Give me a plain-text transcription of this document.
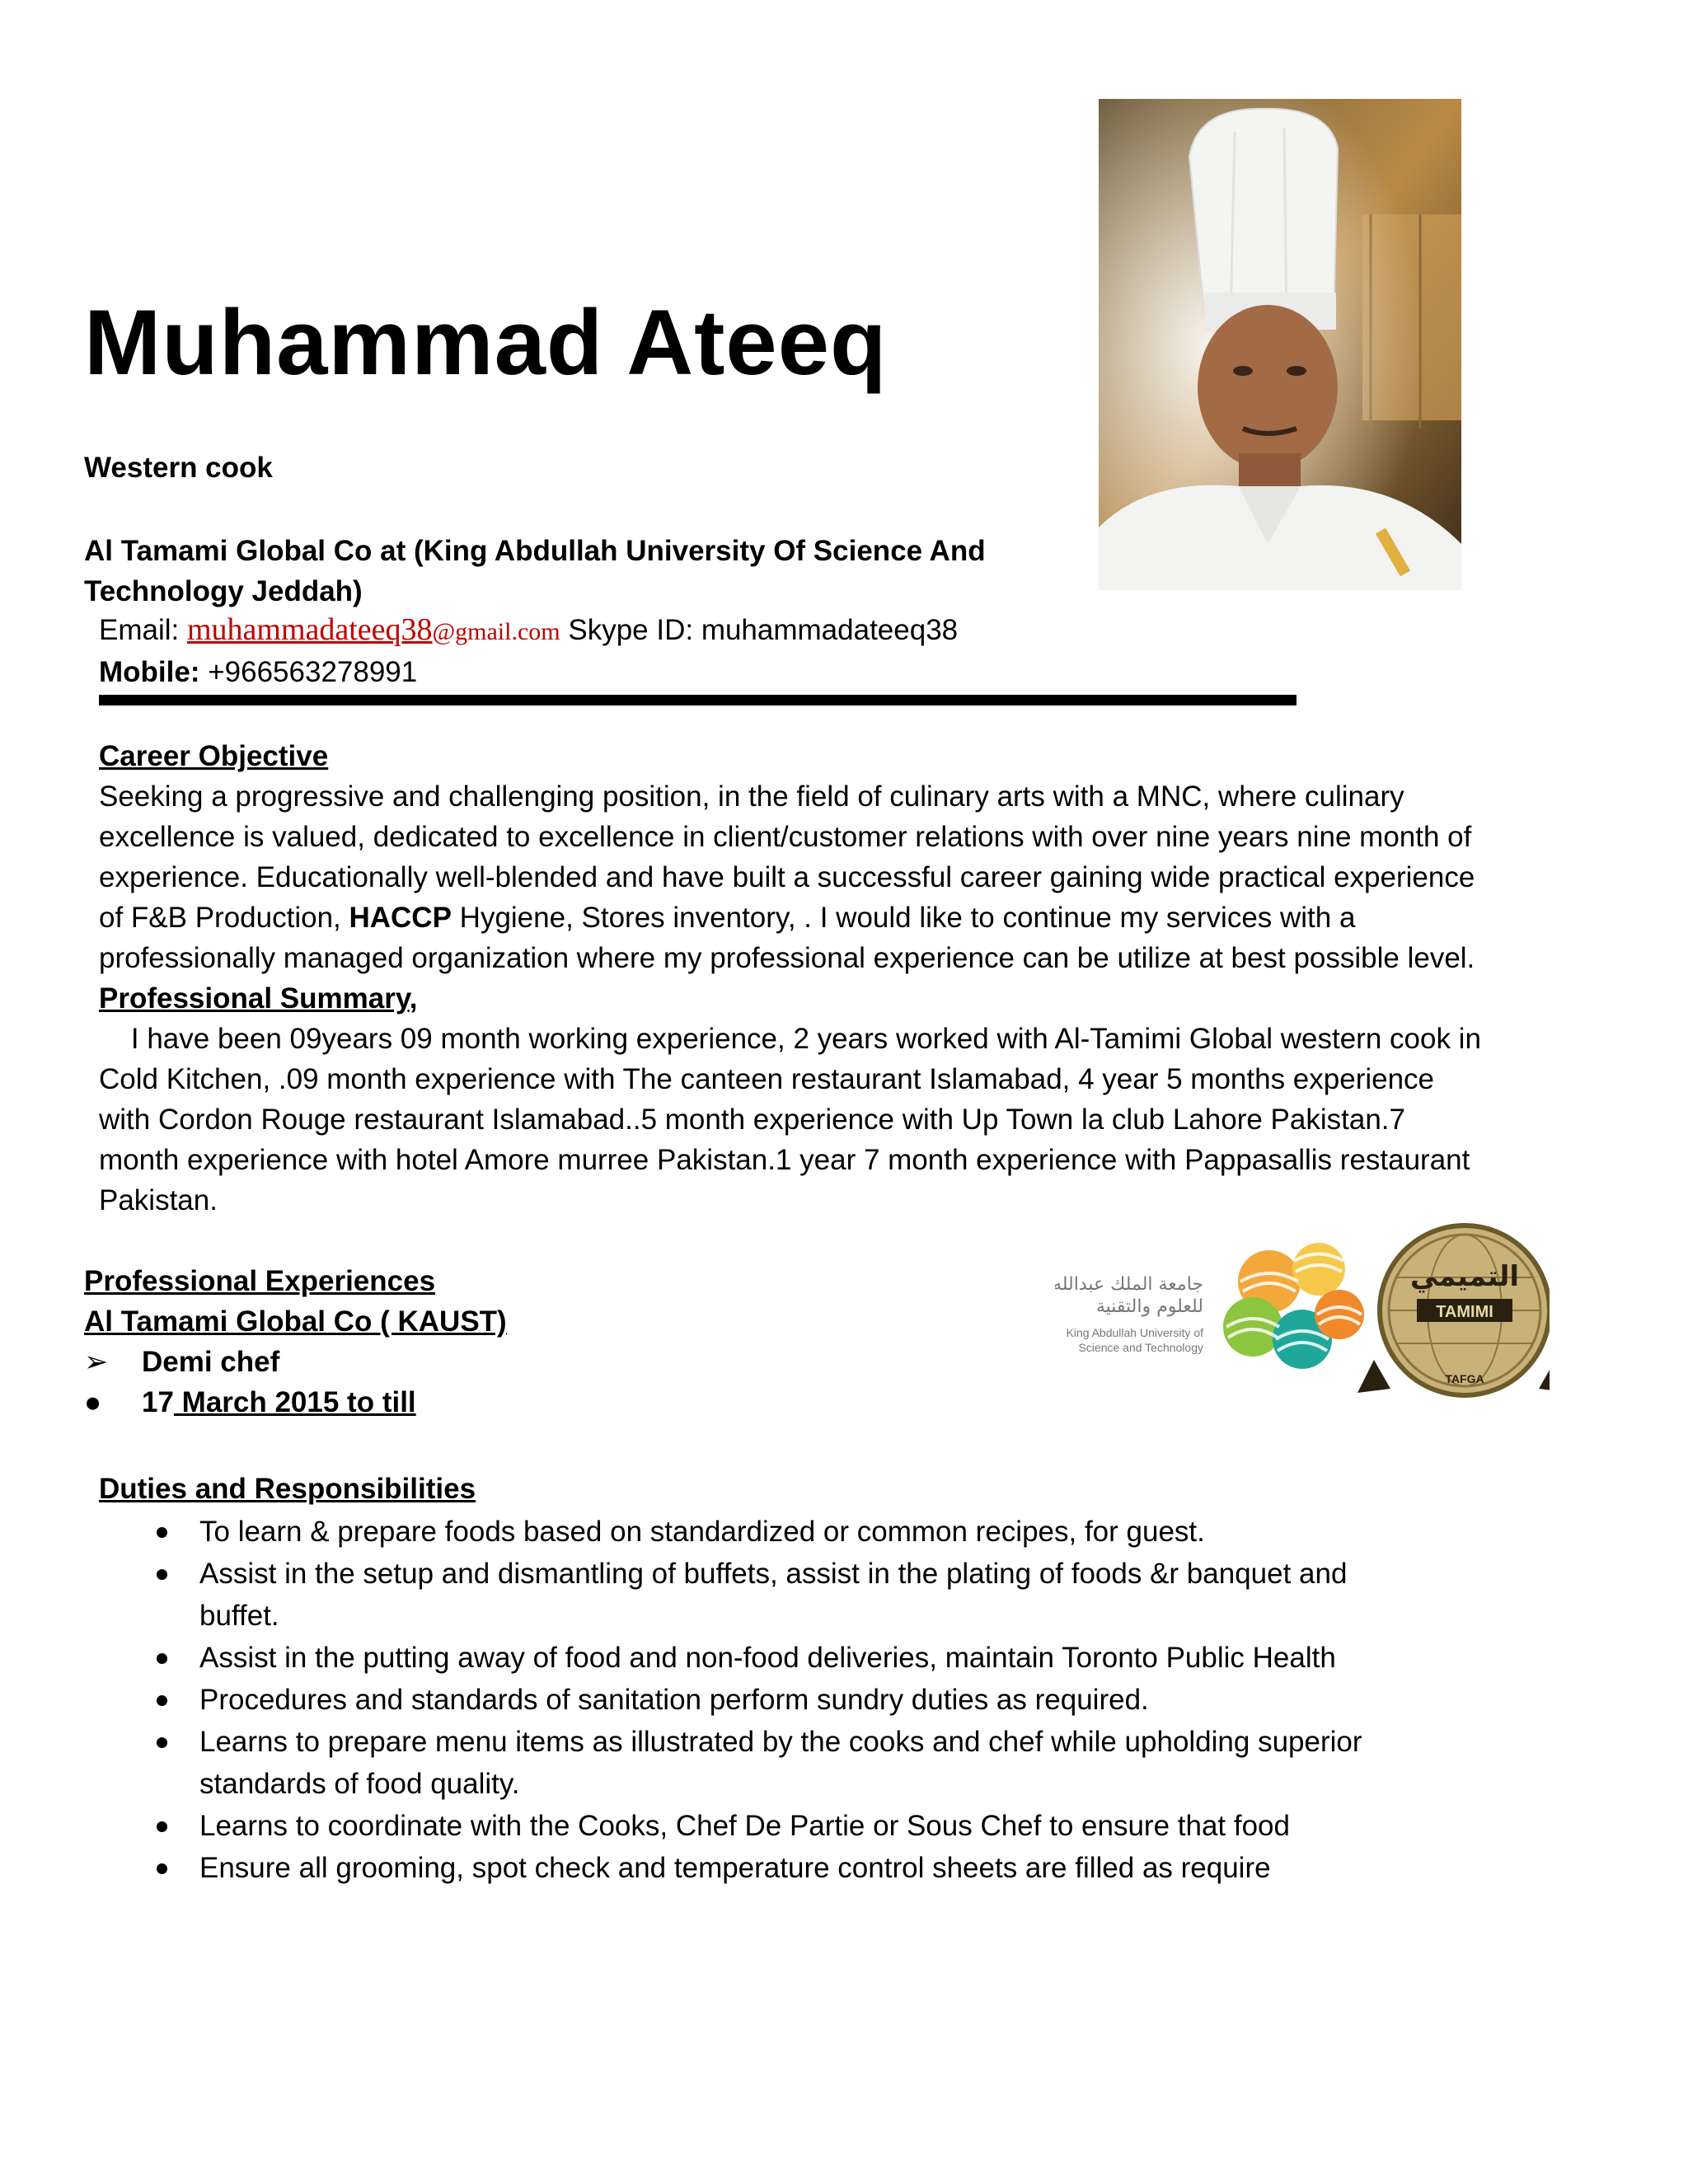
Muhammad Ateeq
Western cook
Al Tamami Global Co at (King Abdullah University Of Science And
Technology Jeddah)
Email: muhammadateeq38@gmail.com Skype ID: muhammadateeq38
Mobile: +966563278991
Career Objective
Seeking a progressive and challenging position, in the field of culinary arts with a MNC, where culinary
excellence is valued, dedicated to excellence in client/customer relations with over nine years nine month of
experience. Educationally well-blended and have built a successful career gaining wide practical experience
of F&B Production, HACCP Hygiene, Stores inventory, . I would like to continue my services with a
professionally managed organization where my professional experience can be utilize at best possible level.
Professional Summary,
I have been 09years 09 month working experience, 2 years worked with Al-Tamimi Global western cook in
Cold Kitchen, .09 month experience with The canteen restaurant Islamabad, 4 year 5 months experience
with Cordon Rouge restaurant Islamabad..5 month experience with Up Town la club Lahore Pakistan.7
month experience with hotel Amore murree Pakistan.1 year 7 month experience with Pappasallis restaurant
Pakistan.
Professional Experiences
Al Tamami Global Co ( KAUST)
➢ Demi chef
● 17 March 2015 to till
جامعة الملك عبدالله
للعلوم والتقنية
King Abdullah University of
Science and Technology
التميمي
TAMIMI
TAFGA
Duties and Responsibilities
To learn & prepare foods based on standardized or common recipes, for guest.
Assist in the setup and dismantling of buffets, assist in the plating of foods &r banquet and
buffet.
Assist in the putting away of food and non-food deliveries, maintain Toronto Public Health
Procedures and standards of sanitation perform sundry duties as required.
Learns to prepare menu items as illustrated by the cooks and chef while upholding superior
standards of food quality.
Learns to coordinate with the Cooks, Chef De Partie or Sous Chef to ensure that food
Ensure all grooming, spot check and temperature control sheets are filled as require
